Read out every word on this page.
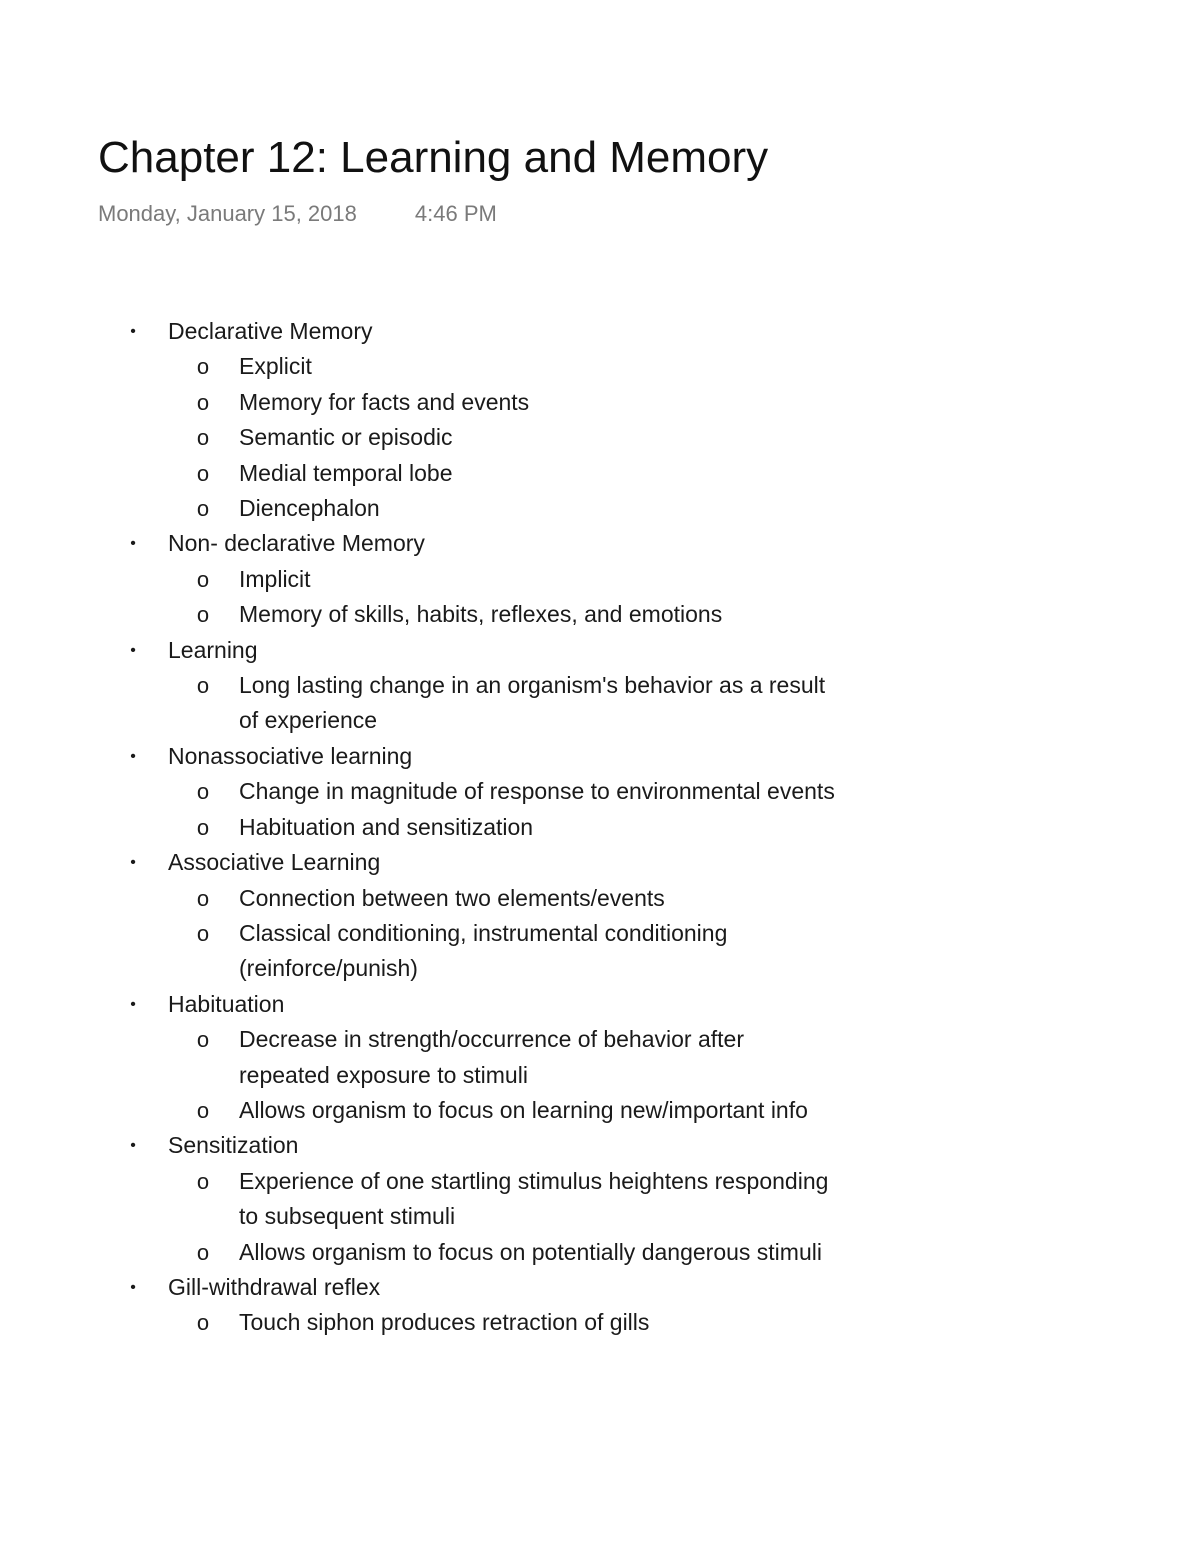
Chapter 12: Learning and Memory
Monday, January 15, 2018	4:46 PM
• Declarative Memory
o Explicit
o Memory for facts and events
o Semantic or episodic
o Medial temporal lobe
o Diencephalon
• Non- declarative Memory
o Implicit
o Memory of skills, habits, reflexes, and emotions
• Learning
o Long lasting change in an organism's behavior as a result of experience
• Nonassociative learning
o Change in magnitude of response to environmental events
o Habituation and sensitization
• Associative Learning
o Connection between two elements/events
o Classical conditioning, instrumental conditioning (reinforce/punish)
• Habituation
o Decrease in strength/occurrence of behavior after repeated exposure to stimuli
o Allows organism to focus on learning new/important info
• Sensitization
o Experience of one startling stimulus heightens responding to subsequent stimuli
o Allows organism to focus on potentially dangerous stimuli
• Gill-withdrawal reflex
o Touch siphon produces retraction of gills
